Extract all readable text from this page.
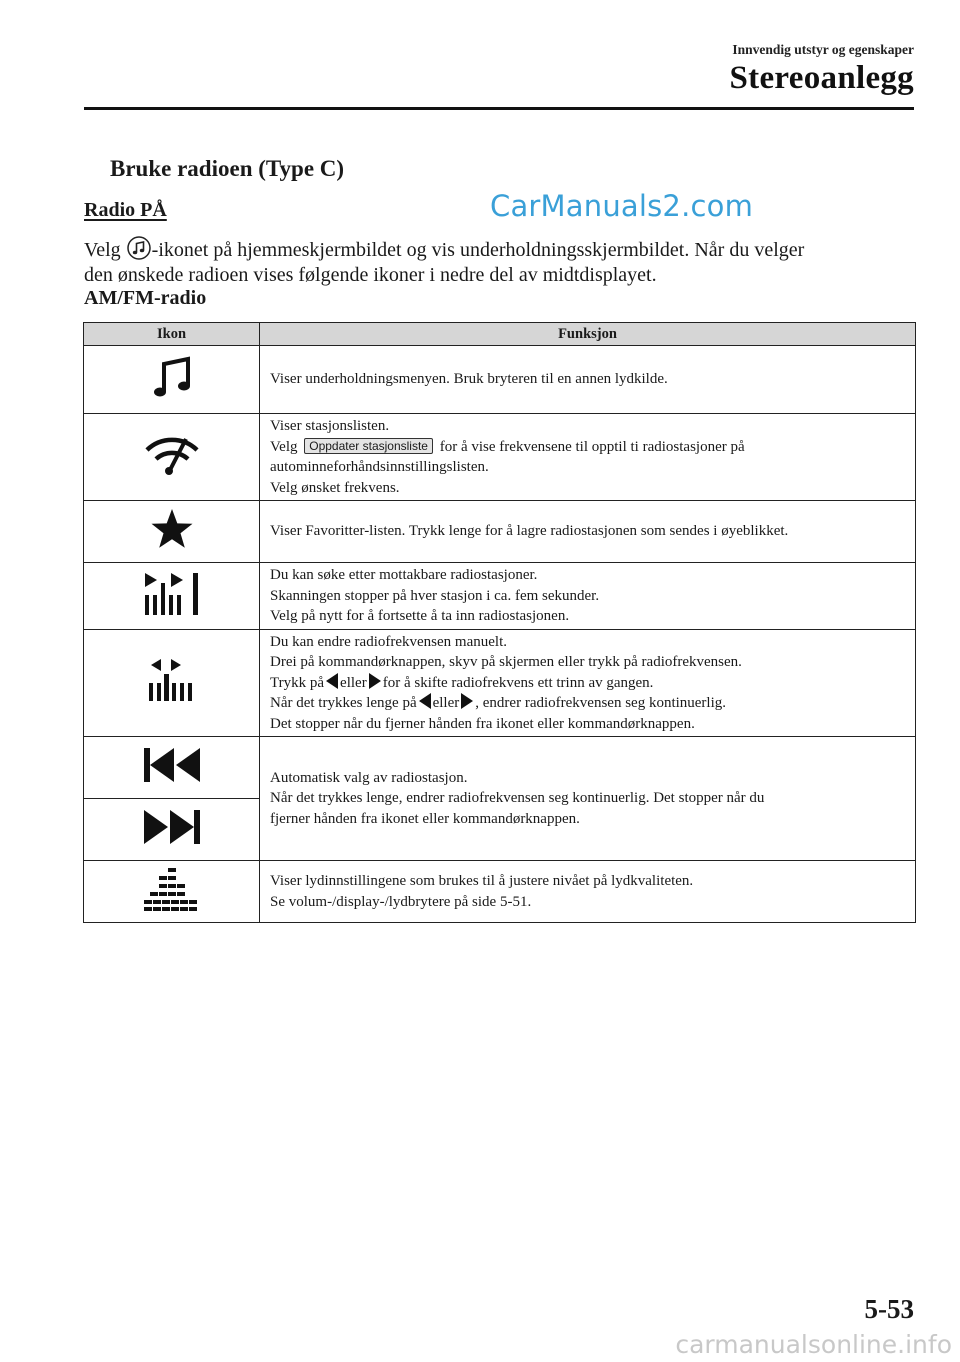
Innvendig utstyr og egenskaper
Stereoanlegg
Bruke radioen (Type C)
Radio PÅ	CarManuals2.com
Velg -ikonet på hjemmeskjermbildet og vis underholdningsskjermbildet. Når du velger
den ønskede radioen vises følgende ikoner i nedre del av midtdisplayet.
AM/FM-radio
Ikon	Funksjon

Viser underholdningsmenyen. Bruk bryteren til en annen lydkilde.

Viser stasjonslisten.
Velg Oppdater stasjonsliste for å vise frekvensene til opptil ti radiostasjoner på
autominneforhåndsinnstillingslisten.
Velg ønsket frekvens.

Viser Favoritter-listen. Trykk lenge for å lagre radiostasjonen som sendes i øyeblikket.

Du kan søke etter mottakbare radiostasjoner.
Skanningen stopper på hver stasjon i ca. fem sekunder.
Velg på nytt for å fortsette å ta inn radiostasjonen.

Du kan endre radiofrekvensen manuelt.
Drei på kommandørknappen, skyv på skjermen eller trykk på radiofrekvensen.
Trykk på eller for å skifte radiofrekvens ett trinn av gangen.
Når det trykkes lenge på eller , endrer radiofrekvensen seg kontinuerlig.
Det stopper når du fjerner hånden fra ikonet eller kommandørknappen.

Automatisk valg av radiostasjon.
Når det trykkes lenge, endrer radiofrekvensen seg kontinuerlig. Det stopper når du
fjerner hånden fra ikonet eller kommandørknappen.

Viser lydinnstillingene som brukes til å justere nivået på lydkvaliteten.
Se volum-/display-/lydbrytere på side 5-51.
5-53
carmanualsonline.info
